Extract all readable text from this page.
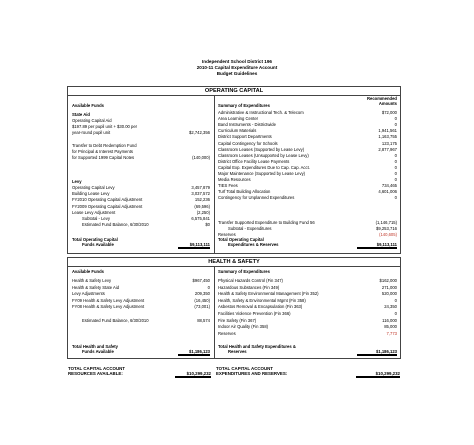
Independent School District 196
2010-11 Capital Expenditure Account
Budget Guidelines
OPERATING CAPITAL
Recommended
Amounts
Available Funds	Summary of Expenditures
State Aid
Operating Capital Aid
$197.89 per pupil unit + $30.00 per
year-round pupil unit	$2,742,356
Transfer to Debt Redemption Fund
for Principal & Interest Payments
for Supported 1999 Capital Notes	(140,000)
Levy
Operating Capital Levy	3,457,879
Building Lease Levy	3,037,572
FY2010 Operating Capital Adjustment	152,236
FY2009 Operating Capital Adjustment	(69,596)
Lease Levy Adjustment	(2,250)
Subtotal - Levy	6,575,841
Estimated Fund Balance, 6/30/2010	$0
Administrative & Instructional Tech. & Telecom	$72,000
Area Learning Center	0
Band Instruments - Districtwide	0
Curriculum Materials	1,941,561
District Support Departments	1,163,755
Capital Contingency for Schools	123,175
Classroom Leases (Supported by Lease Levy)	2,877,967
Classroom Leases (Unsupported by Lease Levy)	0
District Office Facility Lease Payments	0
Capital Exp. Expenditures Due to Cap. Cap. Acct.	0
Major Maintenance (Supported by Lease Levy)	0
Media Resources	0
TIES Fees	734,465
Turf Total Building Allocation	4,601,006
Contingency for Unplanned Expenditures	0
Transfer Supported Expenditure to Building Fund 56	(1,146,715)
Subtotal - Expenditures	$9,253,716
Reserves	(140,605)
Total Operating Capital
Funds Available	$9,113,111
Total Operating Capital
Expenditures & Reserves	$9,113,111
HEALTH & SAFETY
Available Funds	Summary of Expenditures
Health & Safety Levy	$967,450
Health & Safety State Aid	0
Levy Adjustments	209,350
FY09 Health & Safety Levy Adjustment	(16,450)
FY08 Health & Safety Levy Adjustment	(73,001)
Estimated Fund Balance, 6/30/2010	88,574
Physical Hazards Control (Fin 347)	$162,000
Hazardous Substances (Fin 349)	271,000
Health & Safety Environmental Management (Fin 352)	520,000
Health, Safety & Environmental Mgmt (Fin 358)	0
Asbestos Removal & Encapsulation (Fin 363)	24,350
Facilities Violence Prevention (Fin 366)	0
Fire Safety (Fin 367)	116,000
Indoor Air Quality (Fin 358)	85,000
Reserves	7,773
Total Health and Safety
Funds Available	$1,186,123
Total Health and Safety Expenditures &
Reserves	$1,186,123
TOTAL CAPITAL ACCOUNT
RESOURCES AVAILABLE:	$10,299,232
TOTAL CAPITAL ACCOUNT
EXPENDITURES AND RESERVES:	$10,299,232
